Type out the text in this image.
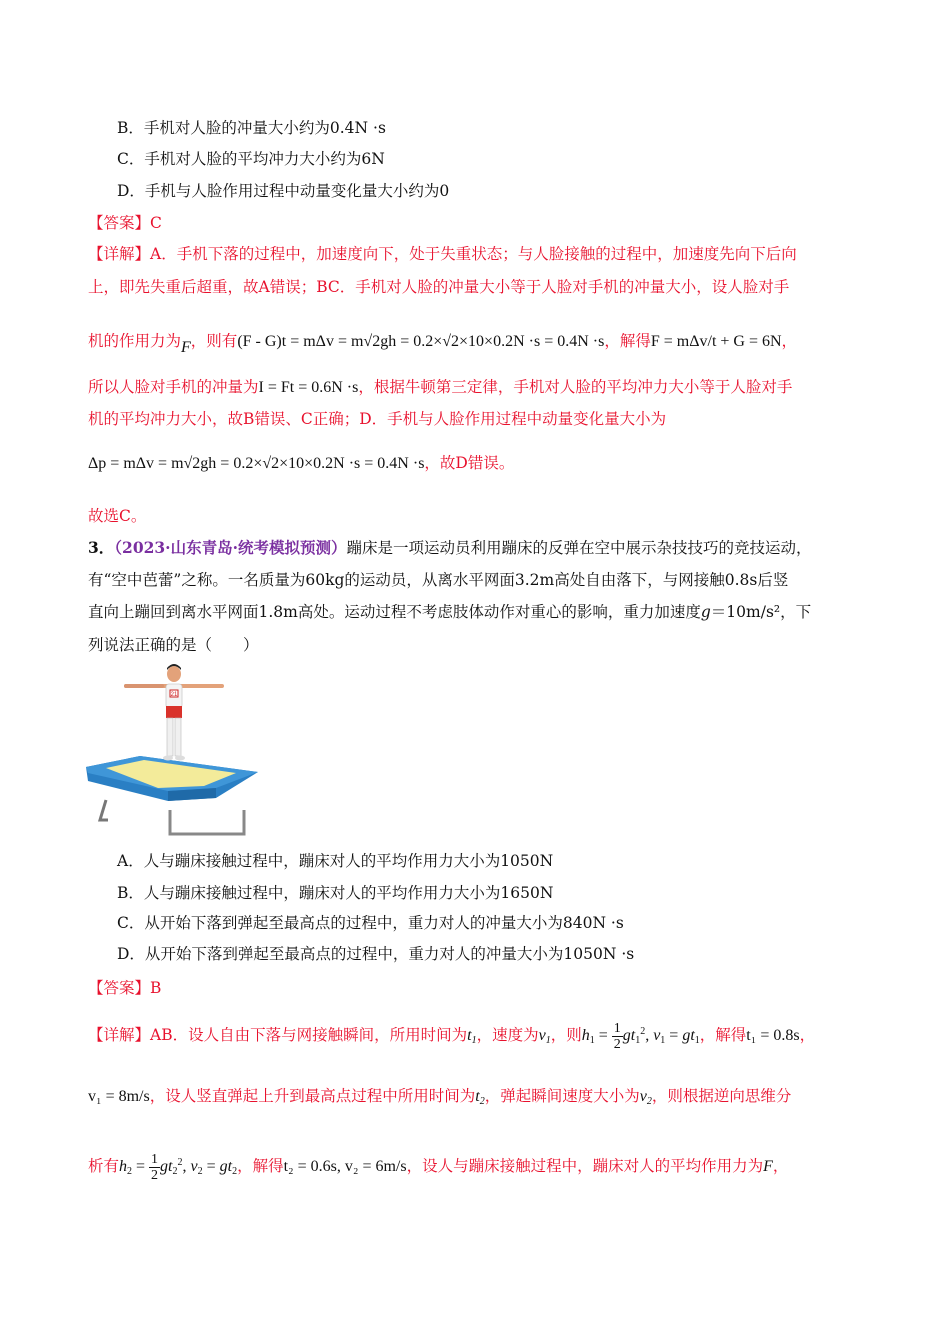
B．手机对人脸的冲量大小约为0.4N ·s
C．手机对人脸的平均冲力大小约为6N
D．手机与人脸作用过程中动量变化量大小约为0
【答案】C
【详解】A．手机下落的过程中，加速度向下，处于失重状态；与人脸接触的过程中，加速度先向下后向
上，即先失重后超重，故A错误；BC．手机对人脸的冲量大小等于人脸对手机的冲量大小，设人脸对手
机的作用力为F，则有(F - G)t = mΔv = m√2gh = 0.2×√2×10×0.2N ·s = 0.4N ·s，解得F = mΔv/t + G = 6N，
所以人脸对手机的冲量为I = Ft = 0.6N ·s，根据牛顿第三定律，手机对人脸的平均冲力大小等于人脸对手
机的平均冲力大小，故B错误、C正确；D．手机与人脸作用过程中动量变化量大小为
Δp = mΔv = m√2gh = 0.2×√2×10×0.2N ·s = 0.4N ·s，故D错误。
故选C。
3．（2023·山东青岛·统考模拟预测）蹦床是一项运动员利用蹦床的反弹在空中展示杂技技巧的竞技运动，
有“空中芭蕾”之称。一名质量为60kg的运动员，从离水平网面3.2m高处自由落下，与网接触0.8s后竖
直向上蹦回到离水平网面1.8m高处。运动过程不考虑肢体动作对重心的影响，重力加速度g＝10m/s²，下
列说法正确的是（　　）
21
A．人与蹦床接触过程中，蹦床对人的平均作用力大小为1050N
B．人与蹦床接触过程中，蹦床对人的平均作用力大小为1650N
C．从开始下落到弹起至最高点的过程中，重力对人的冲量大小为840N ·s
D．从开始下落到弹起至最高点的过程中，重力对人的冲量大小为1050N ·s
【答案】B
【详解】AB．设人自由下落与网接触瞬间，所用时间为$t_1$，速度为$v_1$，则$h_1 = \frac{1}{2} gt_1^2$, $v_1 = gt_1$，解得t₁ = 0.8s，
v₁ = 8m/s，设人竖直弹起上升到最高点过程中所用时间为$t_2$，弹起瞬间速度大小为$v_2$，则根据逆向思维分
析有$h_2 = \frac{1}{2} gt_2^2$, $v_2 = gt_2$，解得t₂ = 0.6s, v₂ = 6m/s，设人与蹦床接触过程中，蹦床对人的平均作用力为F，
